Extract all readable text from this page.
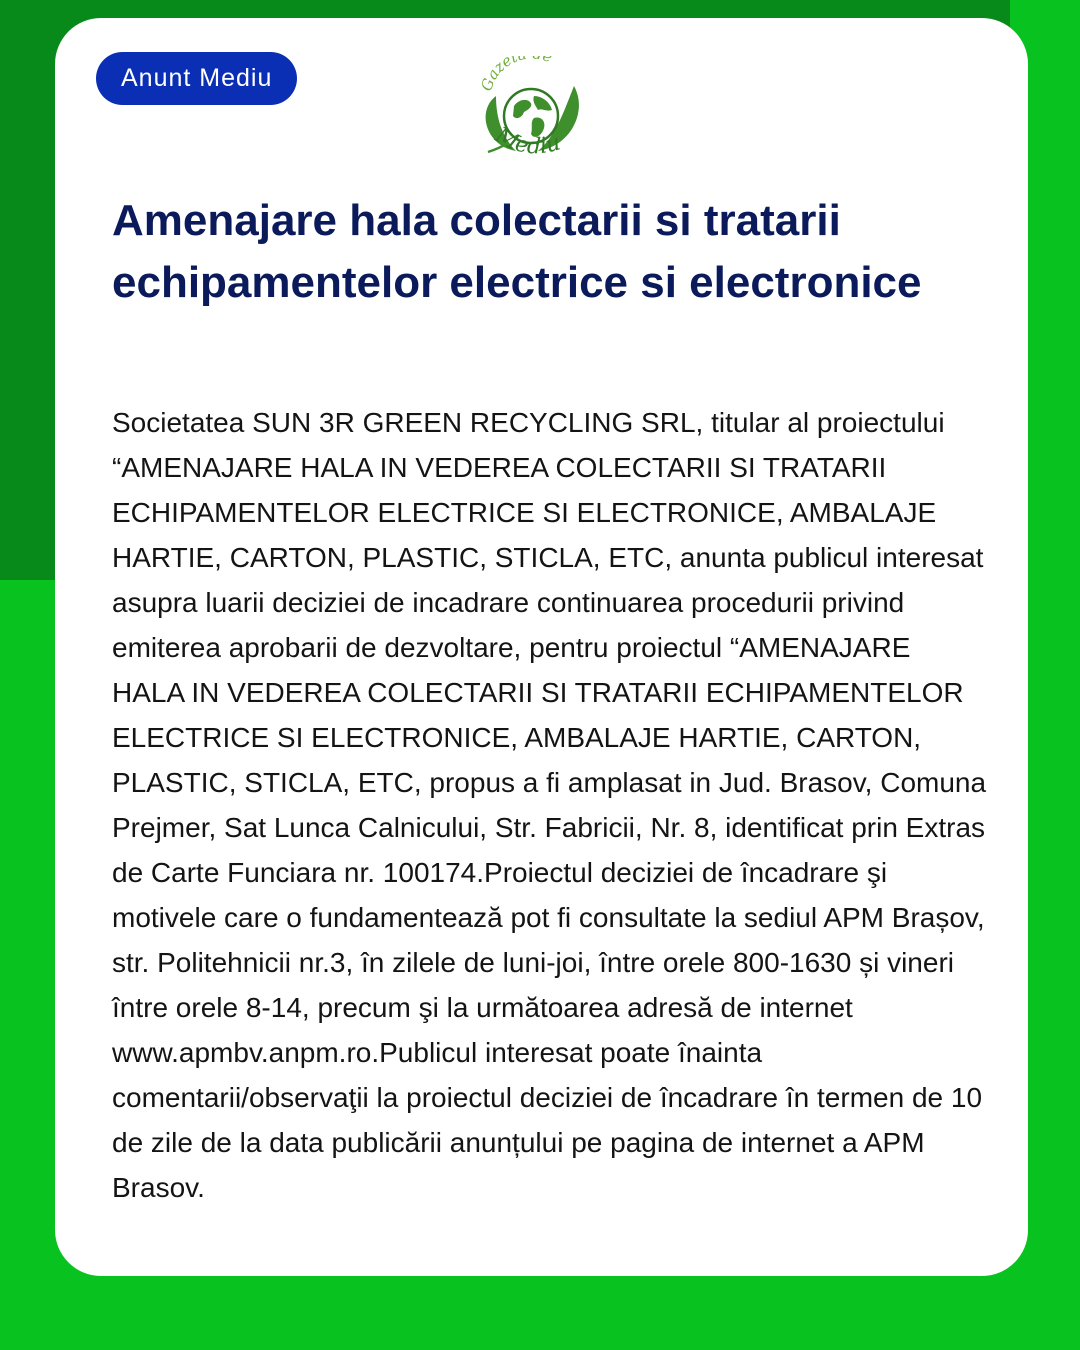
Anunt Mediu	Gazet e
Mediu
Amenajare hala colectarii si tratarii echipamentelor electrice si electronice

Societatea SUN 3R GREEN RECYCLING SRL, titular al proiectului “AMENAJARE HALA IN VEDEREA COLECTARII SI TRATARII ECHIPAMENTELOR ELECTRICE SI ELECTRONICE, AMBALAJE HARTIE, CARTON, PLASTIC, STICLA, ETC, anunta publicul interesat asupra luarii deciziei de incadrare continuarea procedurii privind emiterea aprobarii de dezvoltare, pentru proiectul “AMENAJARE HALA IN VEDEREA COLECTARII SI TRATARII ECHIPAMENTELOR ELECTRICE SI ELECTRONICE, AMBALAJE HARTIE, CARTON, PLASTIC, STICLA, ETC, propus a fi amplasat in Jud. Brasov, Comuna Prejmer, Sat Lunca Calnicului, Str. Fabricii, Nr. 8, identificat prin Extras de Carte Funciara nr. 100174.Proiectul deciziei de încadrare şi motivele care o fundamentează pot fi consultate la sediul APM Brașov, str. Politehnicii nr.3, în zilele de luni-joi, între orele 800-1630 și vineri între orele 8-14, precum şi la următoarea adresă de internet www.apmbv.anpm.ro.Publicul interesat poate înainta comentarii/observaţii la proiectul deciziei de încadrare în termen de 10 de zile de la data publicării anunțului pe pagina de internet a APM Brasov.
